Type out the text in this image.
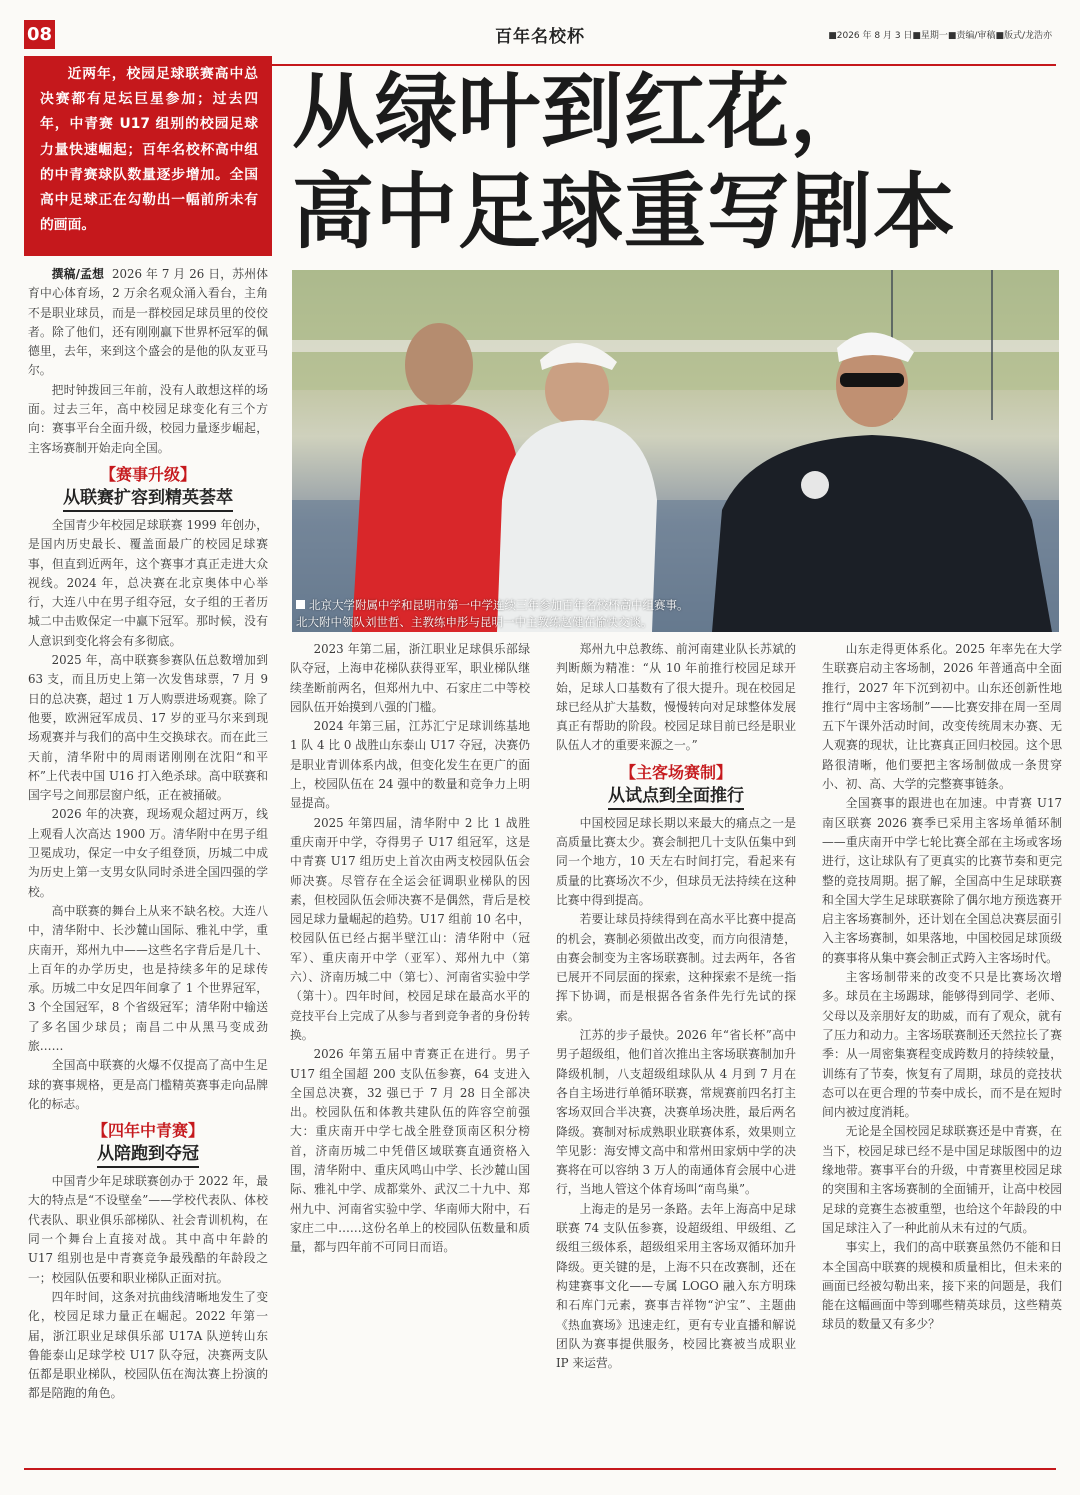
08	百年名校杯	■2026 年 8 月 3 日■星期一■责编/审稿■版式/龙浩亦

近两年，校园足球联赛高中总决赛都有足坛巨星参加；过去四年，中青赛 U17 组别的校园足球力量快速崛起；百年名校杯高中组的中青赛球队数量逐步增加。全国高中足球正在勾勒出一幅前所未有的画面。

从绿叶到红花，
高中足球重写剧本
北京大学附属中学和昆明市第一中学连续三年参加百年名校杯高中组赛事。
北大附中领队刘世哲、主教练申彤与昆明一中主教练赵健在愉快交谈。

撰稿/孟想 2026 年 7 月 26 日，苏州体育中心体育场，2 万余名观众涌入看台，主角不是职业球员，而是一群校园足球员里的佼佼者。除了他们，还有刚刚赢下世界杯冠军的佩德里，去年，来到这个盛会的是他的队友亚马尔。

把时钟拨回三年前，没有人敢想这样的场面。过去三年，高中校园足球变化有三个方向：赛事平台全面升级，校园力量逐步崛起，主客场赛制开始走向全国。

【赛事升级】
从联赛扩容到精英荟萃

全国青少年校园足球联赛 1999 年创办，是国内历史最长、覆盖面最广的校园足球赛事，但直到近两年，这个赛事才真正走进大众视线。2024 年，总决赛在北京奥体中心举行，大连八中在男子组夺冠，女子组的王者历城二中击败保定一中赢下冠军。那时候，没有人意识到变化将会有多彻底。

2025 年，高中联赛参赛队伍总数增加到 63 支，而且历史上第一次发售球票，7 月 9 日的总决赛，超过 1 万人购票进场观赛。除了他要，欧洲冠军成员、17 岁的亚马尔来到现场观赛并与我们的高中生交换球衣。而在此三天前，清华附中的周雨诺刚刚在沈阳“和平杯”上代表中国 U16 打入绝杀球。高中联赛和国字号之间那层窗户纸，正在被捅破。

2026 年的决赛，现场观众超过两万，线上观看人次高达 1900 万。清华附中在男子组卫冕成功，保定一中女子组登顶，历城二中成为历史上第一支男女队同时杀进全国四强的学校。

高中联赛的舞台上从来不缺名校。大连八中，清华附中、长沙麓山国际、雅礼中学，重庆南开，郑州九中——这些名字背后是几十、上百年的办学历史，也是持续多年的足球传承。历城二中女足四年间拿了 1 个世界冠军，3 个全国冠军，8 个省级冠军；清华附中输送了多名国少球员；南昌二中从黑马变成劲旅……

全国高中联赛的火爆不仅提高了高中生足球的赛事规格，更是高门槛精英赛事走向品牌化的标志。

【四年中青赛】
从陪跑到夺冠

中国青少年足球联赛创办于 2022 年，最大的特点是“不设壁垒”——学校代表队、体校代表队、职业俱乐部梯队、社会青训机构，在同一个舞台上直接对战。其中高中年龄的 U17 组别也是中青赛竞争最残酷的年龄段之一；校园队伍要和职业梯队正面对抗。

四年时间，这条对抗曲线清晰地发生了变化，校园足球力量正在崛起。2022 年第一届，浙江职业足球俱乐部 U17A 队逆转山东鲁能泰山足球学校 U17 队夺冠，决赛两支队伍都是职业梯队，校园队伍在淘汰赛上扮演的都是陪跑的角色。

2023 年第二届，浙江职业足球俱乐部绿队夺冠，上海申花梯队获得亚军，职业梯队继续垄断前两名，但郑州九中、石家庄二中等校园队伍开始摸到八强的门槛。

2024 年第三届，江苏汇宁足球训练基地 1 队 4 比 0 战胜山东泰山 U17 夺冠，决赛仍是职业青训体系内战，但变化发生在更广的面上，校园队伍在 24 强中的数量和竞争力上明显提高。

2025 年第四届，清华附中 2 比 1 战胜重庆南开中学，夺得男子 U17 组冠军，这是中青赛 U17 组历史上首次由两支校园队伍会师决赛。尽管存在全运会征调职业梯队的因素，但校园队伍会师决赛不是偶然，背后是校园足球力量崛起的趋势。U17 组前 10 名中，校园队伍已经占据半壁江山：清华附中（冠军）、重庆南开中学（亚军）、郑州九中（第六）、济南历城二中（第七）、河南省实验中学（第十）。四年时间，校园足球在最高水平的竞技平台上完成了从参与者到竞争者的身份转换。

2026 年第五届中青赛正在进行。男子 U17 组全国超 200 支队伍参赛，64 支进入全国总决赛，32 强已于 7 月 28 日全部决出。校园队伍和体教共建队伍的阵容空前强大：重庆南开中学七战全胜登顶南区积分榜首，济南历城二中凭借区域联赛直通资格入围，清华附中、重庆风鸣山中学、长沙麓山国际、雅礼中学、成都棠外、武汉二十九中、郑州九中、河南省实验中学、华南师大附中，石家庄二中……这份名单上的校园队伍数量和质量，都与四年前不可同日而语。

郑州九中总教练、前河南建业队长苏斌的判断颇为精准：“从 10 年前推行校园足球开始，足球人口基数有了很大提升。现在校园足球已经从扩大基数，慢慢转向对足球整体发展真正有帮助的阶段。校园足球目前已经是职业队伍人才的重要来源之一。”

【主客场赛制】
从试点到全面推行

中国校园足球长期以来最大的痛点之一是高质量比赛太少。赛会制把几十支队伍集中到同一个地方，10 天左右时间打完，看起来有质量的比赛场次不少，但球员无法持续在这种比赛中得到提高。

若要让球员持续得到在高水平比赛中提高的机会，赛制必须做出改变，而方向很清楚，由赛会制变为主客场联赛制。过去两年，各省已展开不同层面的探索，这种探索不是统一指挥下协调，而是根据各省条件先行先试的探索。

江苏的步子最快。2026 年“省长杯”高中男子超级组，他们首次推出主客场联赛制加升降级机制，八支超级组球队从 4 月到 7 月在各自主场进行单循环联赛，常规赛前四名打主客场双回合半决赛，决赛单场决胜，最后两名降级。赛制对标成熟职业联赛体系，效果则立竿见影：海安博文高中和常州田家炳中学的决赛将在可以容纳 3 万人的南通体育会展中心进行，当地人管这个体育场叫“南鸟巢”。

上海走的是另一条路。去年上海高中足球联赛 74 支队伍参赛，设超级组、甲级组、乙级组三级体系，超级组采用主客场双循环加升降级。更关键的是，上海不只在改赛制，还在构建赛事文化——专属 LOGO 融入东方明珠和石库门元素，赛事吉祥物“沪宝”、主题曲《热血赛场》迅速走红，更有专业直播和解说团队为赛事提供服务，校园比赛被当成职业 IP 来运营。

山东走得更体系化。2025 年率先在大学生联赛启动主客场制，2026 年普通高中全面推行，2027 年下沉到初中。山东还创新性地推行“周中主客场制”——比赛安排在周一至周五下午课外活动时间，改变传统周末办赛、无人观赛的现状，让比赛真正回归校园。这个思路很清晰，他们要把主客场制做成一条贯穿小、初、高、大学的完整赛事链条。

全国赛事的跟进也在加速。中青赛 U17 南区联赛 2026 赛季已采用主客场单循环制——重庆南开中学七轮比赛全部在主场或客场进行，这让球队有了更真实的比赛节奏和更完整的竞技周期。据了解，全国高中生足球联赛和全国大学生足球联赛除了偶尔地方预选赛开启主客场赛制外，还计划在全国总决赛层面引入主客场赛制，如果落地，中国校园足球顶级的赛事将从集中赛会制正式跨入主客场时代。

主客场制带来的改变不只是比赛场次增多。球员在主场踢球，能够得到同学、老师、父母以及亲朋好友的助威，而有了观众，就有了压力和动力。主客场联赛制还天然拉长了赛季：从一周密集赛程变成跨数月的持续较量，训练有了节奏，恢复有了周期，球员的竞技状态可以在更合理的节奏中成长，而不是在短时间内被过度消耗。

无论是全国校园足球联赛还是中青赛，在当下，校园足球已经不是中国足球版图中的边缘地带。赛事平台的升级，中青赛里校园足球的突围和主客场赛制的全面铺开，让高中校园足球的竞赛生态被重塑，也给这个年龄段的中国足球注入了一种此前从未有过的气质。

事实上，我们的高中联赛虽然仍不能和日本全国高中联赛的规模和质量相比，但未来的画面已经被勾勒出来，接下来的问题是，我们能在这幅画面中等到哪些精英球员，这些精英球员的数量又有多少？
